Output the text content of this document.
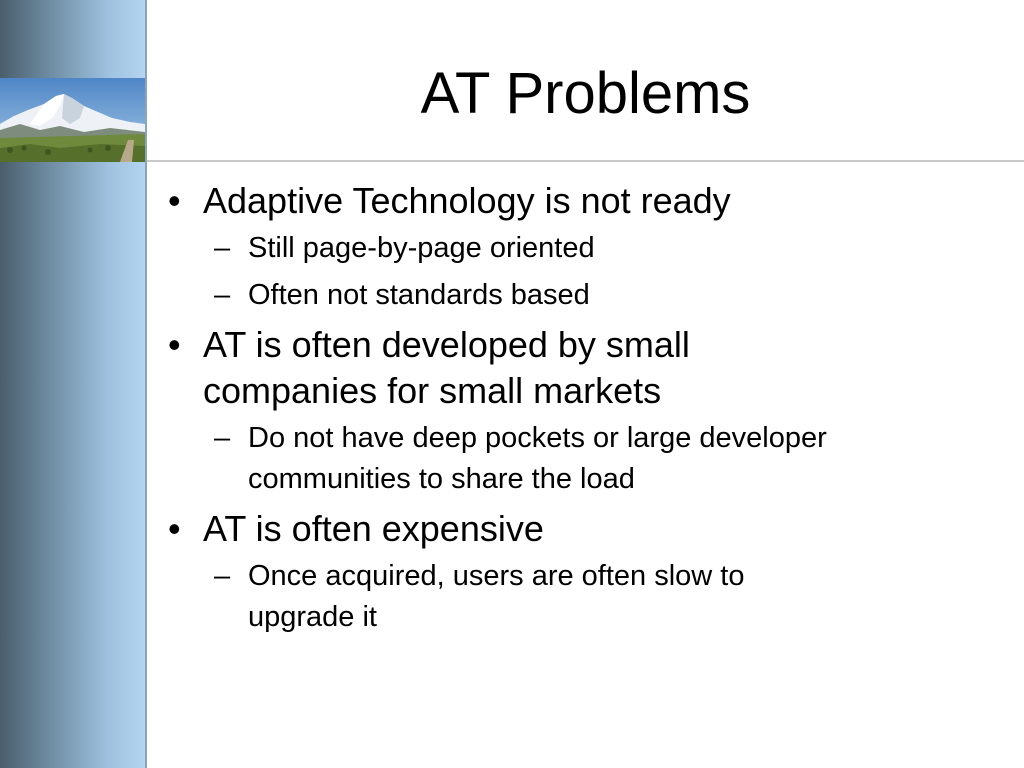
AT Problems
• Adaptive Technology is not ready
– Still page-by-page oriented
– Often not standards based
• AT is often developed by small companies for small markets
– Do not have deep pockets or large developer communities to share the load
• AT is often expensive
– Once acquired, users are often slow to upgrade it
